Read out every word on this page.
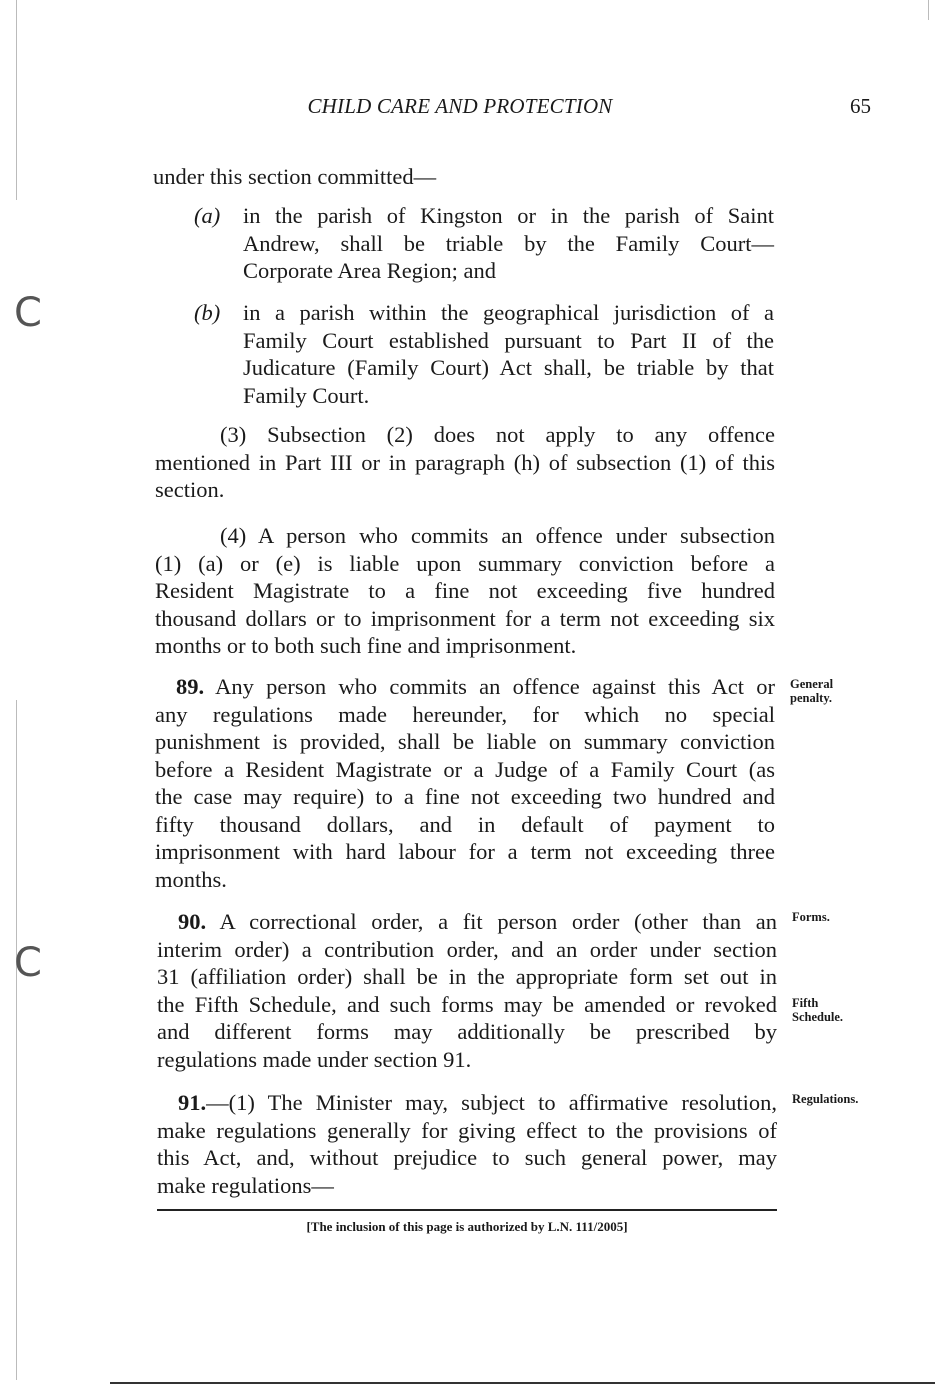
C
C
CHILD CARE AND PROTECTION	65
under this section committed—
(a) in the parish of Kingston or in the parish of Saint
Andrew, shall be triable by the Family Court—
Corporate Area Region; and
(b) in a parish within the geographical jurisdiction of a
Family Court established pursuant to Part II of the
Judicature (Family Court) Act shall, be triable by that
Family Court.
(3) Subsection (2) does not apply to any offence
mentioned in Part III or in paragraph (h) of subsection (1) of this
section.
(4) A person who commits an offence under subsection
(1) (a) or (e) is liable upon summary conviction before a
Resident Magistrate to a fine not exceeding five hundred
thousand dollars or to imprisonment for a term not exceeding six
months or to both such fine and imprisonment.
89. Any person who commits an offence against this Act or
any regulations made hereunder, for which no special
punishment is provided, shall be liable on summary conviction
before a Resident Magistrate or a Judge of a Family Court (as
the case may require) to a fine not exceeding two hundred and
fifty thousand dollars, and in default of payment to
imprisonment with hard labour for a term not exceeding three
months.
General
penalty.
90. A correctional order, a fit person order (other than an
interim order) a contribution order, and an order under section
31 (affiliation order) shall be in the appropriate form set out in
the Fifth Schedule, and such forms may be amended or revoked
and different forms may additionally be prescribed by
regulations made under section 91.
Forms.
Fifth
Schedule.
91.—(1) The Minister may, subject to affirmative resolution,
make regulations generally for giving effect to the provisions of
this Act, and, without prejudice to such general power, may
make regulations—
Regulations.
[The inclusion of this page is authorized by L.N. 111/2005]
